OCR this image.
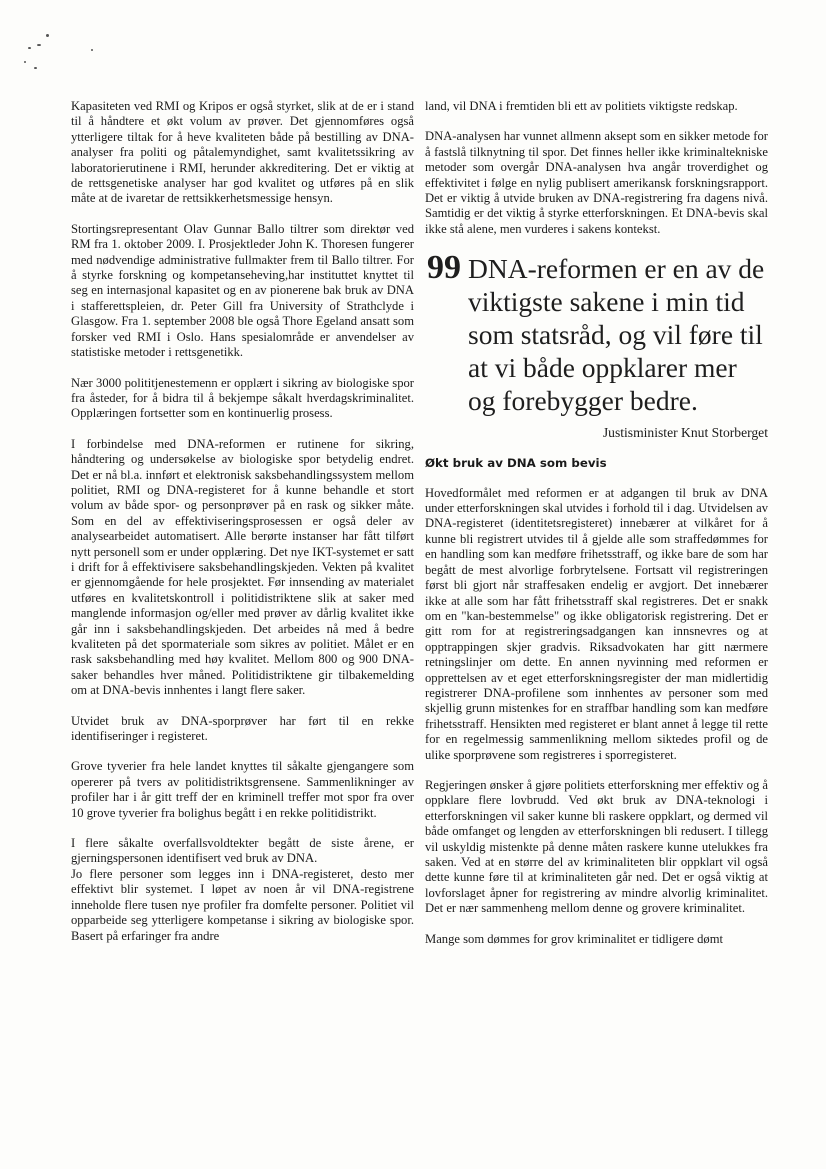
Kapasiteten ved RMI og Kripos er også styrket, slik at de er i stand til å håndtere et økt volum av prøver. Det gjennomføres også ytterligere tiltak for å heve kvaliteten både på bestilling av DNA-analyser fra politi og påtalemyndighet, samt kvalitetssikring av laboratorierutinene i RMI, herunder akkreditering. Det er viktig at de rettsgenetiske analyser har god kvalitet og utføres på en slik måte at de ivaretar de rettsikkerhetsmessige hensyn.

Stortingsrepresentant Olav Gunnar Ballo tiltrer som direktør ved RM fra 1. oktober 2009. I. Prosjektleder John K. Thoresen fungerer med nødvendige administrative fullmakter frem til Ballo tiltrer. For å styrke forskning og kompetanseheving,har instituttet knyttet til seg en internasjonal kapasitet og en av pionerene bak bruk av DNA i stafferettspleien, dr. Peter Gill fra University of Strathclyde i Glasgow. Fra 1. september 2008 ble også Thore Egeland ansatt som forsker ved RMI i Oslo. Hans spesialområde er anvendelser av statistiske metoder i rettsgenetikk.

Nær 3000 polititjenestemenn er opplært i sikring av biologiske spor fra åsteder, for å bidra til å bekjempe såkalt hverdagskriminalitet. Opplæringen fortsetter som en kontinuerlig prosess.

I forbindelse med DNA-reformen er rutinene for sikring, håndtering og undersøkelse av biologiske spor betydelig endret. Det er nå bl.a. innført et elektronisk saksbehandlingssystem mellom politiet, RMI og DNA-registeret for å kunne behandle et stort volum av både spor- og personprøver på en rask og sikker måte. Som en del av effektiviseringsprosessen er også deler av analysearbeidet automatisert. Alle berørte instanser har fått tilført nytt personell som er under opplæring. Det nye IKT-systemet er satt i drift for å effektivisere saksbehandlingskjeden. Vekten på kvalitet er gjennomgående for hele prosjektet. Før innsending av materialet utføres en kvalitetskontroll i politidistriktene slik at saker med manglende informasjon og/eller med prøver av dårlig kvalitet ikke går inn i saksbehandlingskjeden. Det arbeides nå med å bedre kvaliteten på det spormateriale som sikres av politiet. Målet er en rask saksbehandling med høy kvalitet. Mellom 800 og 900 DNA-saker behandles hver måned. Politidistriktene gir tilbakemelding om at DNA-bevis innhentes i langt flere saker.

Utvidet bruk av DNA-sporprøver har ført til en rekke identifiseringer i registeret.

Grove tyverier fra hele landet knyttes til såkalte gjengangere som opererer på tvers av politidistriktsgrensene. Sammenlikninger av profiler har i år gitt treff der en kriminell treffer mot spor fra over 10 grove tyverier fra bolighus begått i en rekke politidistrikt.

I flere såkalte overfallsvoldtekter begått de siste årene, er gjerningspersonen identifisert ved bruk av DNA.

Jo flere personer som legges inn i DNA-registeret, desto mer effektivt blir systemet. I løpet av noen år vil DNA-registrene inneholde flere tusen nye profiler fra domfelte personer. Politiet vil opparbeide seg ytterligere kompetanse i sikring av biologiske spor. Basert på erfaringer fra andre

land, vil DNA i fremtiden bli ett av politiets viktigste redskap.

DNA-analysen har vunnet allmenn aksept som en sikker metode for å fastslå tilknytning til spor. Det finnes heller ikke kriminaltekniske metoder som overgår DNA-analysen hva angår troverdighet og effektivitet i følge en nylig publisert amerikansk forskningsrapport. Det er viktig å utvide bruken av DNA-registrering fra dagens nivå. Samtidig er det viktig å styrke etterforskningen. Et DNA-bevis skal ikke stå alene, men vurderes i sakens kontekst.

99 DNA-reformen er en av de viktigste sakene i min tid som statsråd, og vil føre til at vi både oppklarer mer og forebygger bedre.

Justisminister Knut Storberget

Økt bruk av DNA som bevis

Hovedformålet med reformen er at adgangen til bruk av DNA under etterforskningen skal utvides i forhold til i dag. Utvidelsen av DNA-registeret (identitetsregisteret) innebærer at vilkåret for å kunne bli registrert utvides til å gjelde alle som straffedømmes for en handling som kan medføre frihetsstraff, og ikke bare de som har begått de mest alvorlige forbrytelsene. Fortsatt vil registreringen først bli gjort når straffesaken endelig er avgjort. Det innebærer ikke at alle som har fått frihetsstraff skal registreres. Det er snakk om en "kan-bestemmelse" og ikke obligatorisk registrering. Det er gitt rom for at registreringsadgangen kan innsnevres og at opptrappingen skjer gradvis. Riksadvokaten har gitt nærmere retningslinjer om dette. En annen nyvinning med reformen er opprettelsen av et eget etterforskningsregister der man midlertidig registrerer DNA-profilene som innhentes av personer som med skjellig grunn mistenkes for en straffbar handling som kan medføre frihetsstraff. Hensikten med registeret er blant annet å legge til rette for en regelmessig sammenlikning mellom siktedes profil og de ulike sporprøvene som registreres i sporregisteret.

Regjeringen ønsker å gjøre politiets etterforskning mer effektiv og å oppklare flere lovbrudd. Ved økt bruk av DNA-teknologi i etterforskningen vil saker kunne bli raskere oppklart, og dermed vil både omfanget og lengden av etterforskningen bli redusert. I tillegg vil uskyldig mistenkte på denne måten raskere kunne utelukkes fra saken. Ved at en større del av kriminaliteten blir oppklart vil også dette kunne føre til at kriminaliteten går ned. Det er også viktig at lovforslaget åpner for registrering av mindre alvorlig kriminalitet. Det er nær sammenheng mellom denne og grovere kriminalitet.

Mange som dømmes for grov kriminalitet er tidligere dømt
